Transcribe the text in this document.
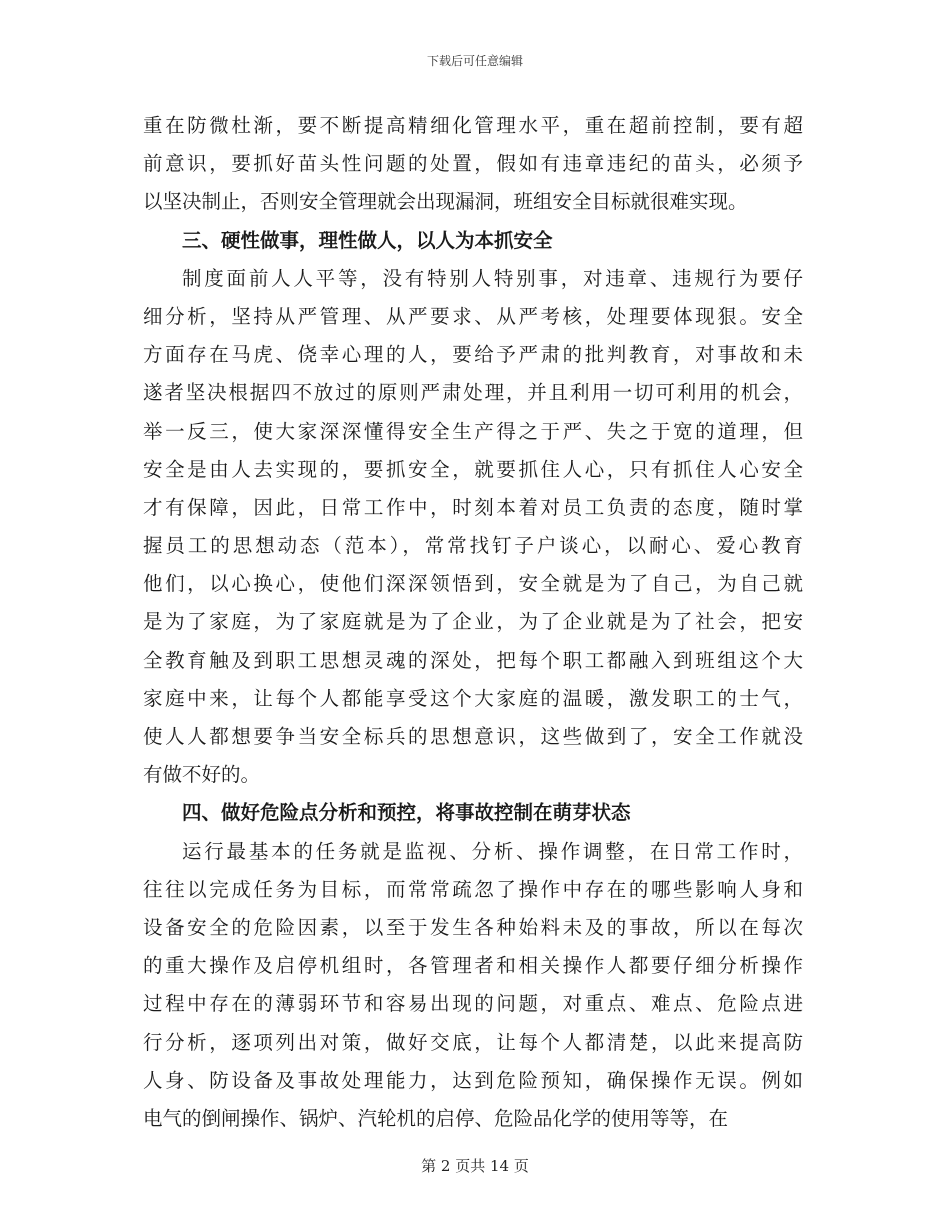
下载后可任意编辑
重在防微杜渐，要不断提高精细化管理水平，重在超前控制，要有超
前意识，要抓好苗头性问题的处置，假如有违章违纪的苗头，必须予
以坚决制止，否则安全管理就会出现漏洞，班组安全目标就很难实现。
三、硬性做事，理性做人，以人为本抓安全
制度面前人人平等，没有特别人特别事，对违章、违规行为要仔
细分析，坚持从严管理、从严要求、从严考核，处理要体现狠。安全
方面存在马虎、侥幸心理的人，要给予严肃的批判教育，对事故和未
遂者坚决根据四不放过的原则严肃处理，并且利用一切可利用的机会，
举一反三，使大家深深懂得安全生产得之于严、失之于宽的道理，但
安全是由人去实现的，要抓安全，就要抓住人心，只有抓住人心安全
才有保障，因此，日常工作中，时刻本着对员工负责的态度，随时掌
握员工的思想动态（范本），常常找钉子户谈心，以耐心、爱心教育
他们，以心换心，使他们深深领悟到，安全就是为了自己，为自己就
是为了家庭，为了家庭就是为了企业，为了企业就是为了社会，把安
全教育触及到职工思想灵魂的深处，把每个职工都融入到班组这个大
家庭中来，让每个人都能享受这个大家庭的温暖，激发职工的士气，
使人人都想要争当安全标兵的思想意识，这些做到了，安全工作就没
有做不好的。
四、做好危险点分析和预控，将事故控制在萌芽状态
运行最基本的任务就是监视、分析、操作调整，在日常工作时，
往往以完成任务为目标，而常常疏忽了操作中存在的哪些影响人身和
设备安全的危险因素，以至于发生各种始料未及的事故，所以在每次
的重大操作及启停机组时，各管理者和相关操作人都要仔细分析操作
过程中存在的薄弱环节和容易出现的问题，对重点、难点、危险点进
行分析，逐项列出对策，做好交底，让每个人都清楚，以此来提高防
人身、防设备及事故处理能力，达到危险预知，确保操作无误。例如
电气的倒闸操作、锅炉、汽轮机的启停、危险品化学的使用等等，在
第 2 页共 14 页
